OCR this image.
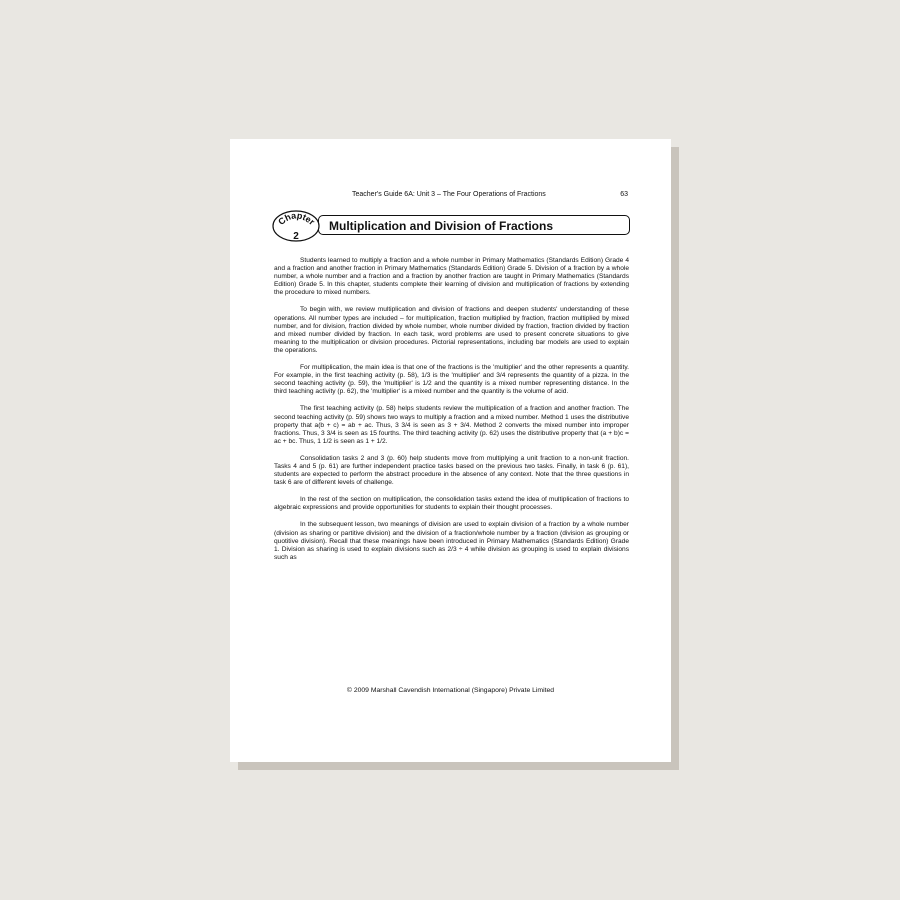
Teacher's Guide 6A: Unit 3 – The Four Operations of Fractions	63
Multiplication and Division of Fractions
Chapter
2

Students learned to multiply a fraction and a whole number in Primary Mathematics (Standards Edition) Grade 4 and a fraction and another fraction in Primary Mathematics (Standards Edition) Grade 5. Division of a fraction by a whole number, a whole number and a fraction and a fraction by another fraction are taught in Primary Mathematics (Standards Edition) Grade 5. In this chapter, students complete their learning of division and multiplication of fractions by extending the procedure to mixed numbers.

To begin with, we review multiplication and division of fractions and deepen students' understanding of these operations. All number types are included – for multiplication, fraction multiplied by fraction, fraction multiplied by mixed number, and for division, fraction divided by whole number, whole number divided by fraction, fraction divided by fraction and mixed number divided by fraction. In each task, word problems are used to present concrete situations to give meaning to the multiplication or division procedures. Pictorial representations, including bar models are used to explain the operations.

For multiplication, the main idea is that one of the fractions is the 'multiplier' and the other represents a quantity. For example, in the first teaching activity (p. 58), 1/3 is the 'multiplier' and 3/4 represents the quantity of a pizza. In the second teaching activity (p. 59), the 'multiplier' is 1/2 and the quantity is a mixed number representing distance. In the third teaching activity (p. 62), the 'multiplier' is a mixed number and the quantity is the volume of acid.

The first teaching activity (p. 58) helps students review the multiplication of a fraction and another fraction. The second teaching activity (p. 59) shows two ways to multiply a fraction and a mixed number. Method 1 uses the distributive property that a(b + c) = ab + ac. Thus, 3 3/4 is seen as 3 + 3/4. Method 2 converts the mixed number into improper fractions. Thus, 3 3/4 is seen as 15 fourths. The third teaching activity (p. 62) uses the distributive property that (a + b)c = ac + bc. Thus, 1 1/2 is seen as 1 + 1/2.

Consolidation tasks 2 and 3 (p. 60) help students move from multiplying a unit fraction to a non-unit fraction. Tasks 4 and 5 (p. 61) are further independent practice tasks based on the previous two tasks. Finally, in task 6 (p. 61), students are expected to perform the abstract procedure in the absence of any context. Note that the three questions in task 6 are of different levels of challenge.

In the rest of the section on multiplication, the consolidation tasks extend the idea of multiplication of fractions to algebraic expressions and provide opportunities for students to explain their thought processes.

In the subsequent lesson, two meanings of division are used to explain division of a fraction by a whole number (division as sharing or partitive division) and the division of a fraction/whole number by a fraction (division as grouping or quotitive division). Recall that these meanings have been introduced in Primary Mathematics (Standards Edition) Grade 1. Division as sharing is used to explain divisions such as 2/3 ÷ 4 while division as grouping is used to explain divisions such as

© 2009 Marshall Cavendish International (Singapore) Private Limited
